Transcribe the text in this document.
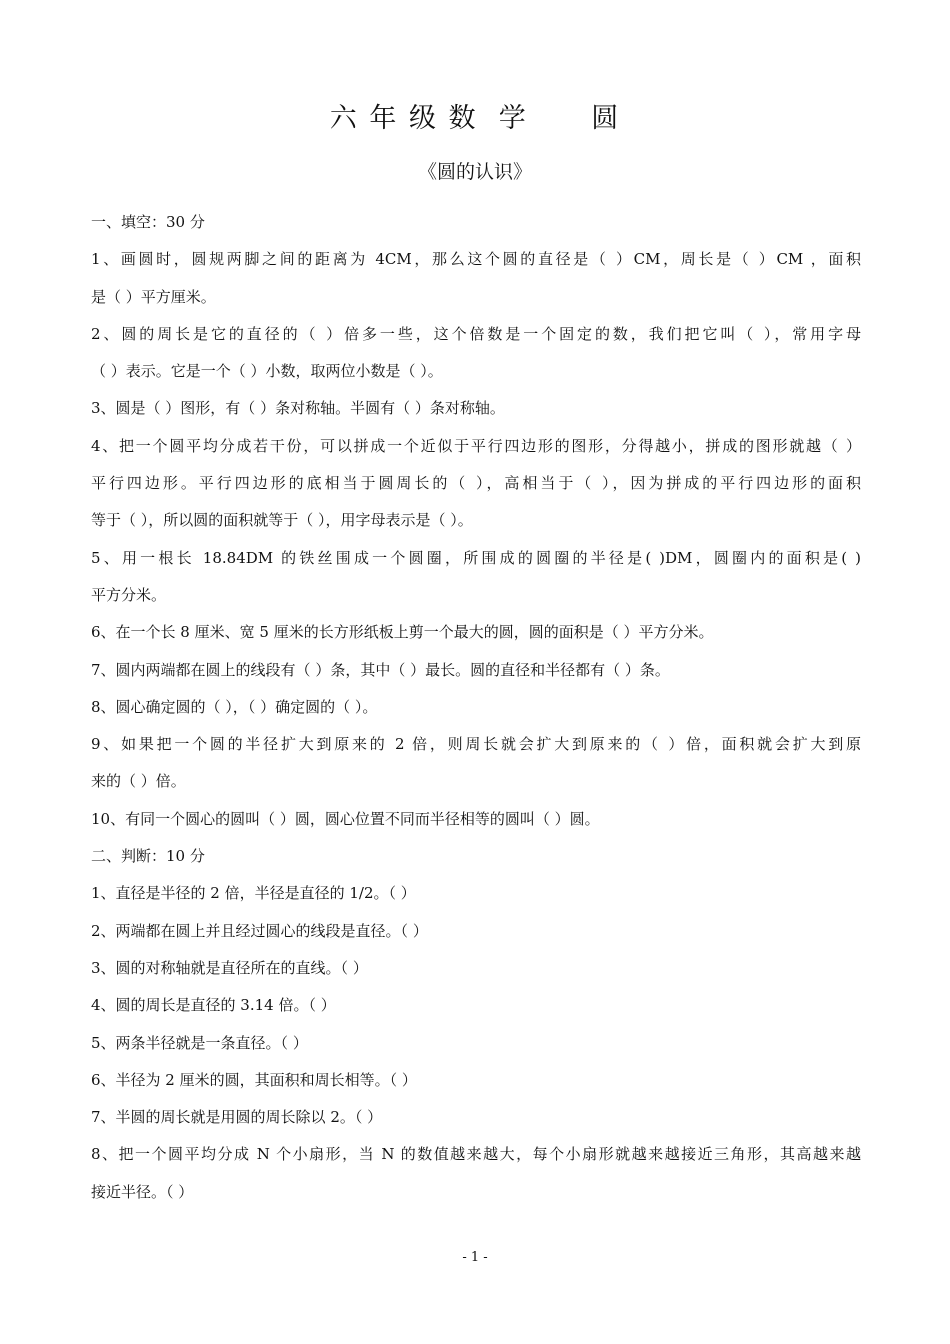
六 年 级 数  学      圆
《圆的认识》
一、填空：30 分
1、画圆时，圆规两脚之间的距离为 4CM，那么这个圆的直径是（ ）CM，周长是（ ）CM ，面积
是（ ）平方厘米。
2、圆的周长是它的直径的（ ）倍多一些，这个倍数是一个固定的数，我们把它叫（ ），常用字母
（ ）表示。它是一个（ ）小数，取两位小数是（ ）。
3、圆是（ ）图形，有（ ）条对称轴。半圆有（ ）条对称轴。
4、把一个圆平均分成若干份，可以拼成一个近似于平行四边形的图形，分得越小，拼成的图形就越（ ）
平行四边形。平行四边形的底相当于圆周长的（ ），高相当于（ ），因为拼成的平行四边形的面积
等于（ ），所以圆的面积就等于（ ），用字母表示是（ ）。
5、用一根长 18.84DM 的铁丝围成一个圆圈，所围成的圆圈的半径是( )DM，圆圈内的面积是( )
平方分米。
6、在一个长 8 厘米、宽 5 厘米的长方形纸板上剪一个最大的圆，圆的面积是（ ）平方分米。
7、圆内两端都在圆上的线段有（ ）条，其中（ ）最长。圆的直径和半径都有（ ）条。
8、圆心确定圆的（ ），（ ）确定圆的（ ）。
9、如果把一个圆的半径扩大到原来的 2 倍，则周长就会扩大到原来的（ ）倍，面积就会扩大到原
来的（ ）倍。
10、有同一个圆心的圆叫（ ）圆，圆心位置不同而半径相等的圆叫（ ）圆。
二、判断：10 分
1、直径是半径的 2 倍，半径是直径的 1/2。（ ）
2、两端都在圆上并且经过圆心的线段是直径。（ ）
3、圆的对称轴就是直径所在的直线。（ ）
4、圆的周长是直径的 3.14 倍。（ ）
5、两条半径就是一条直径。（ ）
6、半径为 2 厘米的圆，其面积和周长相等。（ ）
7、半圆的周长就是用圆的周长除以 2。（ ）
8、把一个圆平均分成 N 个小扇形，当 N 的数值越来越大，每个小扇形就越来越接近三角形，其高越来越
接近半径。（ ）
- 1 -
